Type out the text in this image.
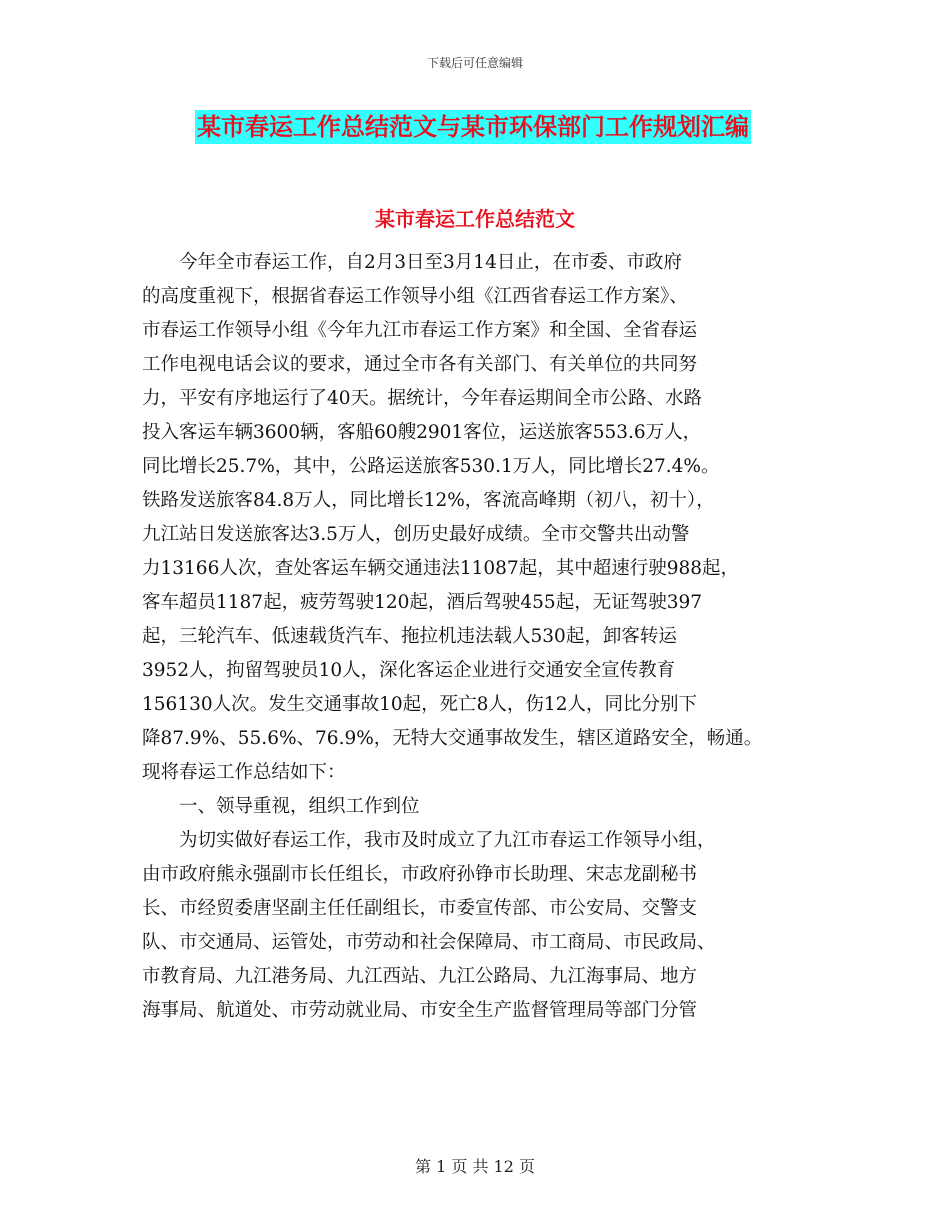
下载后可任意编辑
某市春运工作总结范文与某市环保部门工作规划汇编
某市春运工作总结范文
今年全市春运工作，自2月3日至3月14日止，在市委、市政府
的高度重视下，根据省春运工作领导小组《江西省春运工作方案》、
市春运工作领导小组《今年九江市春运工作方案》和全国、全省春运
工作电视电话会议的要求，通过全市各有关部门、有关单位的共同努
力，平安有序地运行了40天。据统计，今年春运期间全市公路、水路
投入客运车辆3600辆，客船60艘2901客位，运送旅客553.6万人，
同比增长25.7%，其中，公路运送旅客530.1万人，同比增长27.4%。
铁路发送旅客84.8万人，同比增长12%，客流高峰期（初八，初十），
九江站日发送旅客达3.5万人，创历史最好成绩。全市交警共出动警
力13166人次，查处客运车辆交通违法11087起，其中超速行驶988起，
客车超员1187起，疲劳驾驶120起，酒后驾驶455起，无证驾驶397
起，三轮汽车、低速载货汽车、拖拉机违法载人530起，卸客转运
3952人，拘留驾驶员10人，深化客运企业进行交通安全宣传教育
156130人次。发生交通事故10起，死亡8人，伤12人，同比分别下
降87.9%、55.6%、76.9%，无特大交通事故发生，辖区道路安全，畅通。
现将春运工作总结如下：
一、领导重视，组织工作到位
为切实做好春运工作，我市及时成立了九江市春运工作领导小组，
由市政府熊永强副市长任组长，市政府孙铮市长助理、宋志龙副秘书
长、市经贸委唐坚副主任任副组长，市委宣传部、市公安局、交警支
队、市交通局、运管处，市劳动和社会保障局、市工商局、市民政局、
市教育局、九江港务局、九江西站、九江公路局、九江海事局、地方
海事局、航道处、市劳动就业局、市安全生产监督管理局等部门分管
第 1 页 共 12 页
